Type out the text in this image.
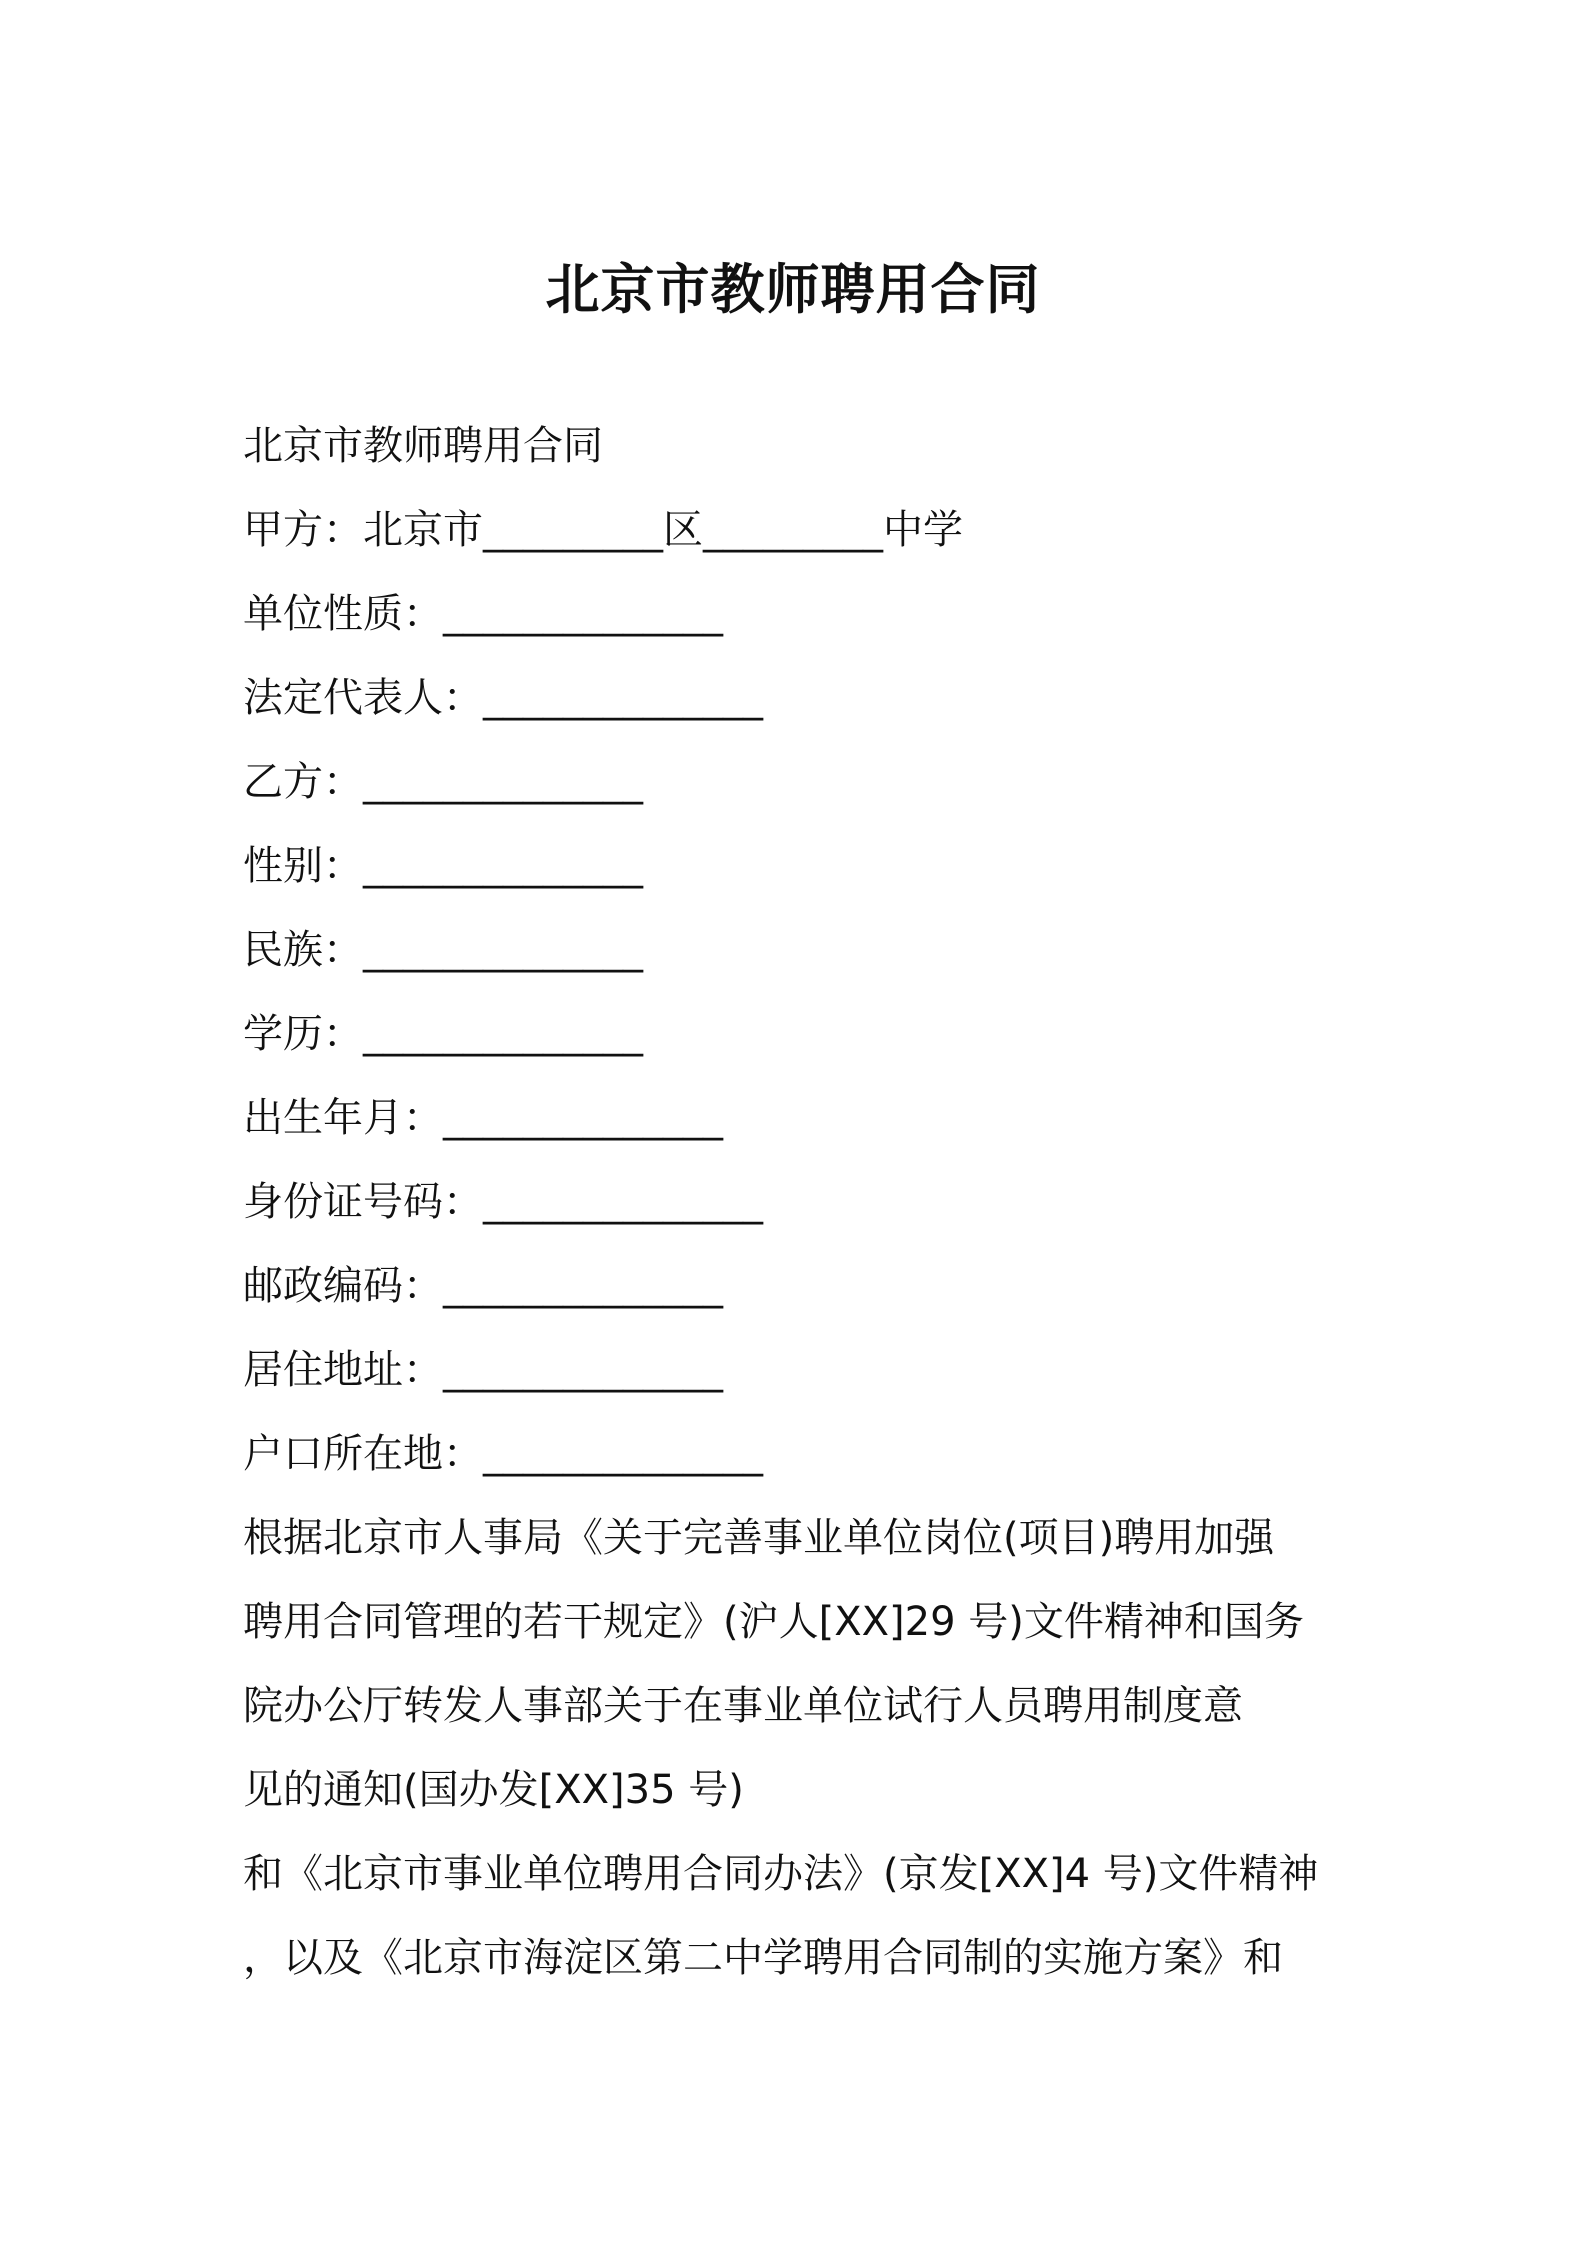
北京市教师聘用合同
北京市教师聘用合同
甲方：北京市_________区_________中学
单位性质：______________
法定代表人：______________
乙方：______________
性别：______________
民族：______________
学历：______________
出生年月：______________
身份证号码：______________
邮政编码：______________
居住地址：______________
户口所在地：______________
根据北京市人事局《关于完善事业单位岗位(项目)聘用加强
聘用合同管理的若干规定》(沪人[XX]29 号)文件精神和国务
院办公厅转发人事部关于在事业单位试行人员聘用制度意
见的通知(国办发[XX]35 号)
和《北京市事业单位聘用合同办法》(京发[XX]4 号)文件精神
，以及《北京市海淀区第二中学聘用合同制的实施方案》和
